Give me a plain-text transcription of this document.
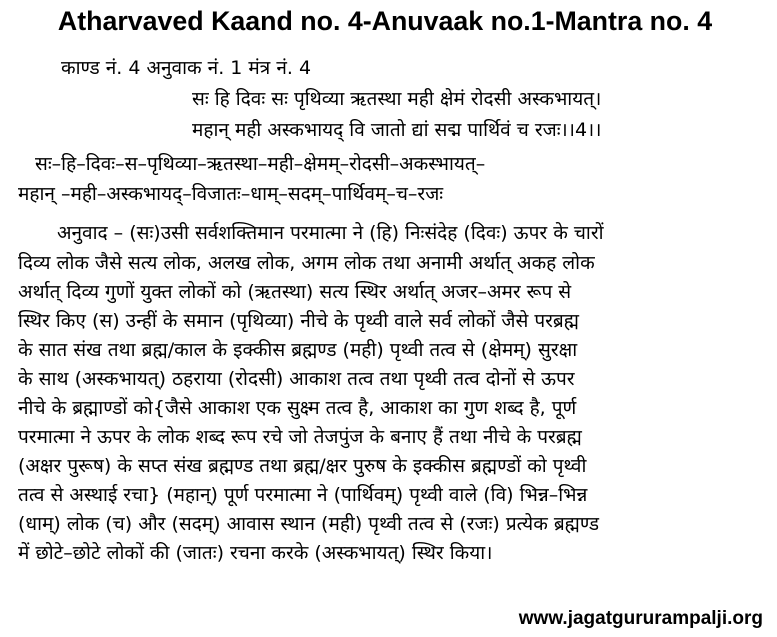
Atharvaved Kaand no. 4-Anuvaak no.1-Mantra no. 4
काण्ड नं. 4 अनुवाक नं. 1 मंत्र नं. 4
सः हि दिवः सः पृथिव्या ऋतस्था मही क्षेमं रोदसी अस्कभायत्।
महान् मही अस्कभायद् वि जातो द्यां सद्म पार्थिवं च रजः।।4।।
सः–हि–दिवः–स–पृथिव्या–ऋतस्था–मही–क्षेमम्–रोदसी–अकस्भायत्–
महान् –मही–अस्कभायद्–विजातः–धाम्–सदम्–पार्थिवम्–च–रजः
अनुवाद – (सः)उसी सर्वशक्तिमान परमात्मा ने (हि) निःसंदेह (दिवः) ऊपर के चारों
दिव्य लोक जैसे सत्य लोक, अलख लोक, अगम लोक तथा अनामी अर्थात् अकह लोक
अर्थात् दिव्य गुणों युक्त लोकों को (ऋतस्था) सत्य स्थिर अर्थात् अजर–अमर रूप से
स्थिर किए (स) उन्हीं के समान (पृथिव्या) नीचे के पृथ्वी वाले सर्व लोकों जैसे परब्रह्म
के सात संख तथा ब्रह्म/काल के इक्कीस ब्रह्मण्ड (मही) पृथ्वी तत्व से (क्षेमम्) सुरक्षा
के साथ (अस्कभायत्) ठहराया (रोदसी) आकाश तत्व तथा पृथ्वी तत्व दोनों से ऊपर
नीचे के ब्रह्माण्डों को{जैसे आकाश एक सुक्ष्म तत्व है, आकाश का गुण शब्द है, पूर्ण
परमात्मा ने ऊपर के लोक शब्द रूप रचे जो तेजपुंज के बनाए हैं तथा नीचे के परब्रह्म
(अक्षर पुरूष) के सप्त संख ब्रह्मण्ड तथा ब्रह्म/क्षर पुरुष के इक्कीस ब्रह्मण्डों को पृथ्वी
तत्व से अस्थाई रचा} (महान्) पूर्ण परमात्मा ने (पार्थिवम्) पृथ्वी वाले (वि) भिन्न–भिन्न
(धाम्) लोक (च) और (सदम्) आवास स्थान (मही) पृथ्वी तत्व से (रजः) प्रत्येक ब्रह्मण्ड
में छोटे–छोटे लोकों की (जातः) रचना करके (अस्कभायत्) स्थिर किया।
www.jagatgururampalji.org
